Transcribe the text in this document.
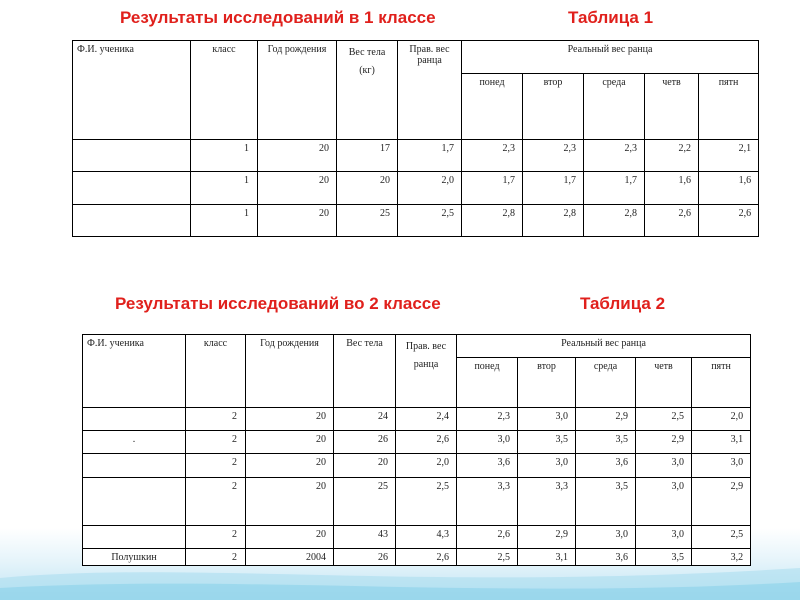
Результаты исследований в 1 классе	Таблица 1
Ф.И. ученика	класс	Год рождения	Вес тела (кг)	Прав. вес ранца	Реальный вес ранца				
					понед	втор	среда	четв	пятн
	1	20	17	1,7	2,3	2,3	2,3	2,2	2,1
	1	20	20	2,0	1,7	1,7	1,7	1,6	1,6
	1	20	25	2,5	2,8	2,8	2,8	2,6	2,6
Результаты исследований во 2 классе	Таблица 2
Ф.И. ученика	класс	Год рождения	Вес тела	Прав. вес ранца	Реальный вес ранца				
					понед	втор	среда	четв	пятн
	2	20	24	2,4	2,3	3,0	2,9	2,5	2,0
.	2	20	26	2,6	3,0	3,5	3,5	2,9	3,1
	2	20	20	2,0	3,6	3,0	3,6	3,0	3,0
	2	20	25	2,5	3,3	3,3	3,5	3,0	2,9
	2	20	43	4,3	2,6	2,9	3,0	3,0	2,5
Полушкин	2	2004	26	2,6	2,5	3,1	3,6	3,5	3,2
